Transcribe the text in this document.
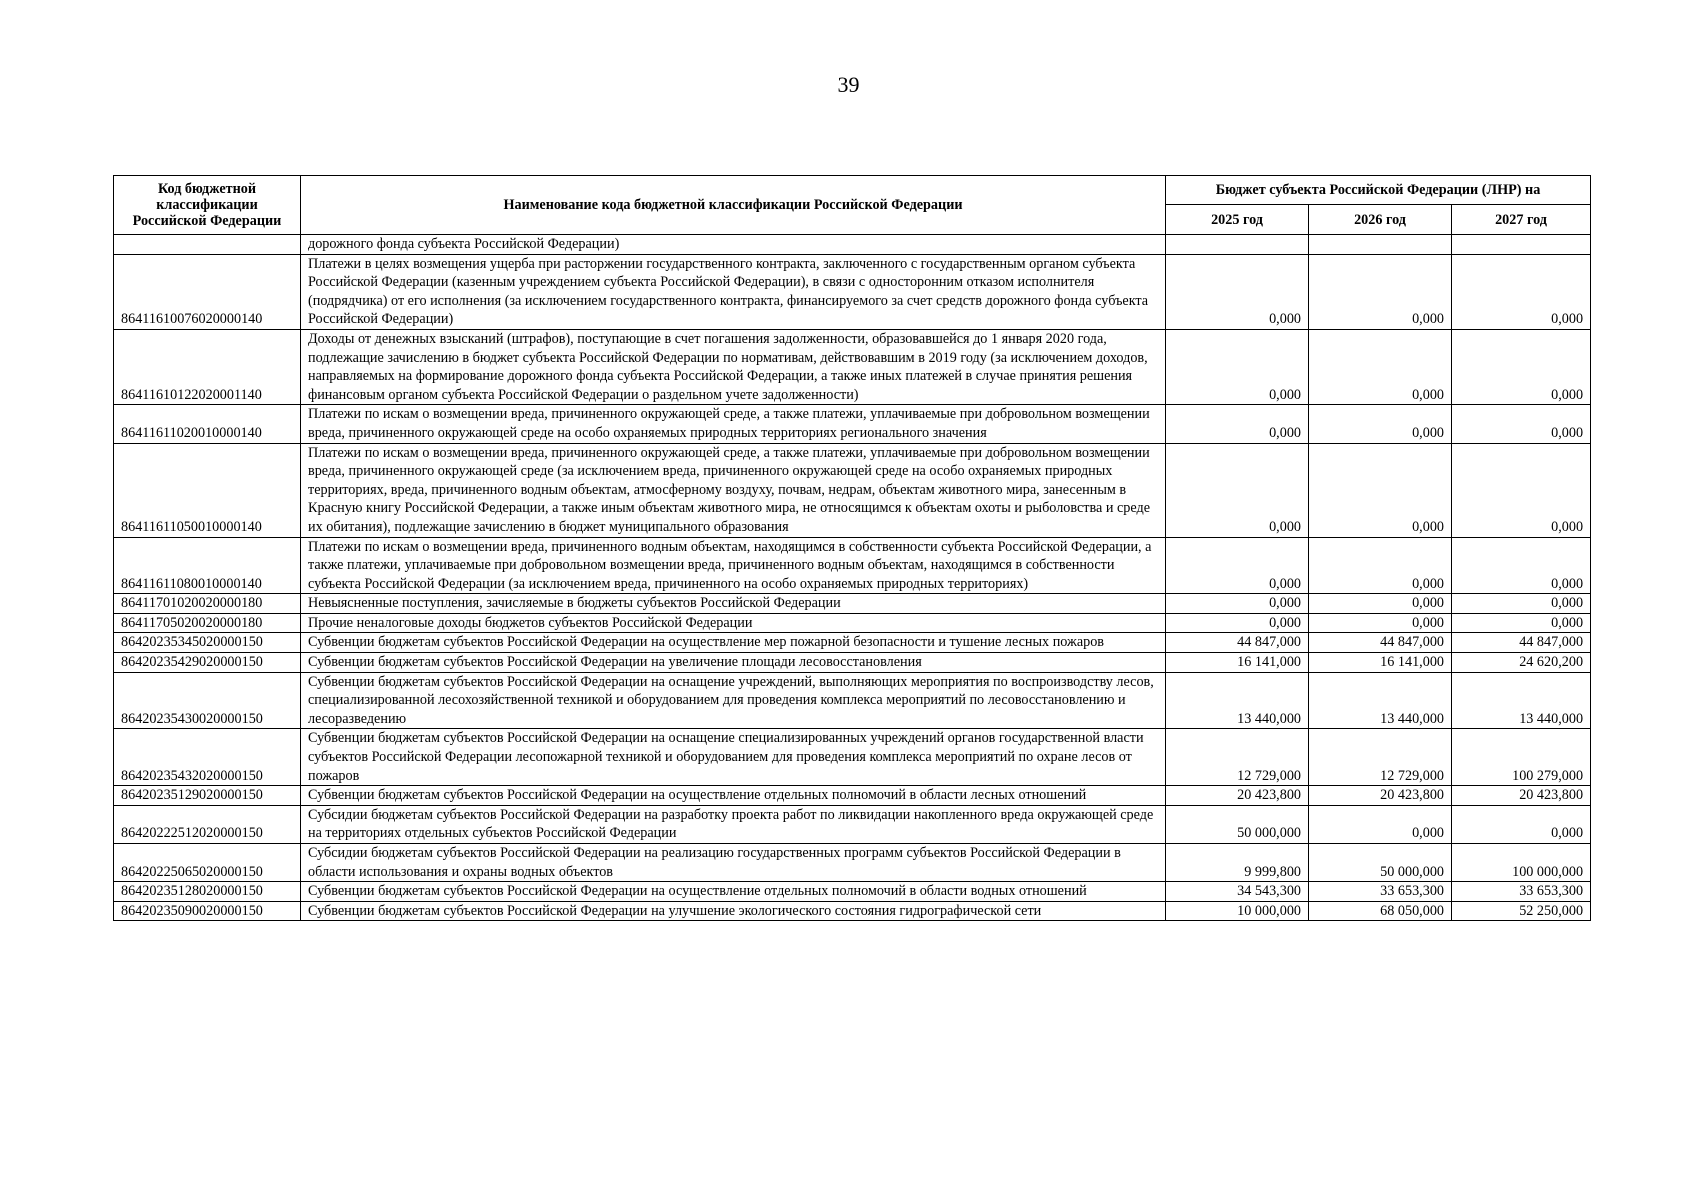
39
Код бюджетной классификации Российской Федерации	Наименование кода бюджетной классификации Российской Федерации	Бюджет субъекта Российской Федерации (ЛНР) на		
		2025 год	2026 год	2027 год
	дорожного фонда субъекта Российской Федерации)			
86411610076020000140	Платежи в целях возмещения ущерба при расторжении государственного контракта, заключенного с государственным органом субъекта Российской Федерации (казенным учреждением субъекта Российской Федерации), в связи с односторонним отказом исполнителя (подрядчика) от его исполнения (за исключением государственного контракта, финансируемого за счет средств дорожного фонда субъекта Российской Федерации)	0,000	0,000	0,000
86411610122020001140	Доходы от денежных взысканий (штрафов), поступающие в счет погашения задолженности, образовавшейся до 1 января 2020 года, подлежащие зачислению в бюджет субъекта Российской Федерации по нормативам, действовавшим в 2019 году (за исключением доходов, направляемых на формирование дорожного фонда субъекта Российской Федерации, а также иных платежей в случае принятия решения финансовым органом субъекта Российской Федерации о раздельном учете задолженности)	0,000	0,000	0,000
86411611020010000140	Платежи по искам о возмещении вреда, причиненного окружающей среде, а также платежи, уплачиваемые при добровольном возмещении вреда, причиненного окружающей среде на особо охраняемых природных территориях регионального значения	0,000	0,000	0,000
86411611050010000140	Платежи по искам о возмещении вреда, причиненного окружающей среде, а также платежи, уплачиваемые при добровольном возмещении вреда, причиненного окружающей среде (за исключением вреда, причиненного окружающей среде на особо охраняемых природных территориях, вреда, причиненного водным объектам, атмосферному воздуху, почвам, недрам, объектам животного мира, занесенным в Красную книгу Российской Федерации, а также иным объектам животного мира, не относящимся к объектам охоты и рыболовства и среде их обитания), подлежащие зачислению в бюджет муниципального образования	0,000	0,000	0,000
86411611080010000140	Платежи по искам о возмещении вреда, причиненного водным объектам, находящимся в собственности субъекта Российской Федерации, а также платежи, уплачиваемые при добровольном возмещении вреда, причиненного водным объектам, находящимся в собственности субъекта Российской Федерации (за исключением вреда, причиненного на особо охраняемых природных территориях)	0,000	0,000	0,000
86411701020020000180	Невыясненные поступления, зачисляемые в бюджеты субъектов Российской Федерации	0,000	0,000	0,000
86411705020020000180	Прочие неналоговые доходы бюджетов субъектов Российской Федерации	0,000	0,000	0,000
86420235345020000150	Субвенции бюджетам субъектов Российской Федерации на осуществление мер пожарной безопасности и тушение лесных пожаров	44 847,000	44 847,000	44 847,000
86420235429020000150	Субвенции бюджетам субъектов Российской Федерации на увеличение площади лесовосстановления	16 141,000	16 141,000	24 620,200
86420235430020000150	Субвенции бюджетам субъектов Российской Федерации на оснащение учреждений, выполняющих мероприятия по воспроизводству лесов, специализированной лесохозяйственной техникой и оборудованием для проведения комплекса мероприятий по лесовосстановлению и лесоразведению	13 440,000	13 440,000	13 440,000
86420235432020000150	Субвенции бюджетам субъектов Российской Федерации на оснащение специализированных учреждений органов государственной власти субъектов Российской Федерации лесопожарной техникой и оборудованием для проведения комплекса мероприятий по охране лесов от пожаров	12 729,000	12 729,000	100 279,000
86420235129020000150	Субвенции бюджетам субъектов Российской Федерации на осуществление отдельных полномочий в области лесных отношений	20 423,800	20 423,800	20 423,800
86420222512020000150	Субсидии бюджетам субъектов Российской Федерации на разработку проекта работ по ликвидации накопленного вреда окружающей среде на территориях отдельных субъектов Российской Федерации	50 000,000	0,000	0,000
86420225065020000150	Субсидии бюджетам субъектов Российской Федерации на реализацию государственных программ субъектов Российской Федерации в области использования и охраны водных объектов	9 999,800	50 000,000	100 000,000
86420235128020000150	Субвенции бюджетам субъектов Российской Федерации на осуществление отдельных полномочий в области водных отношений	34 543,300	33 653,300	33 653,300
86420235090020000150	Субвенции бюджетам субъектов Российской Федерации на улучшение экологического состояния гидрографической сети	10 000,000	68 050,000	52 250,000
